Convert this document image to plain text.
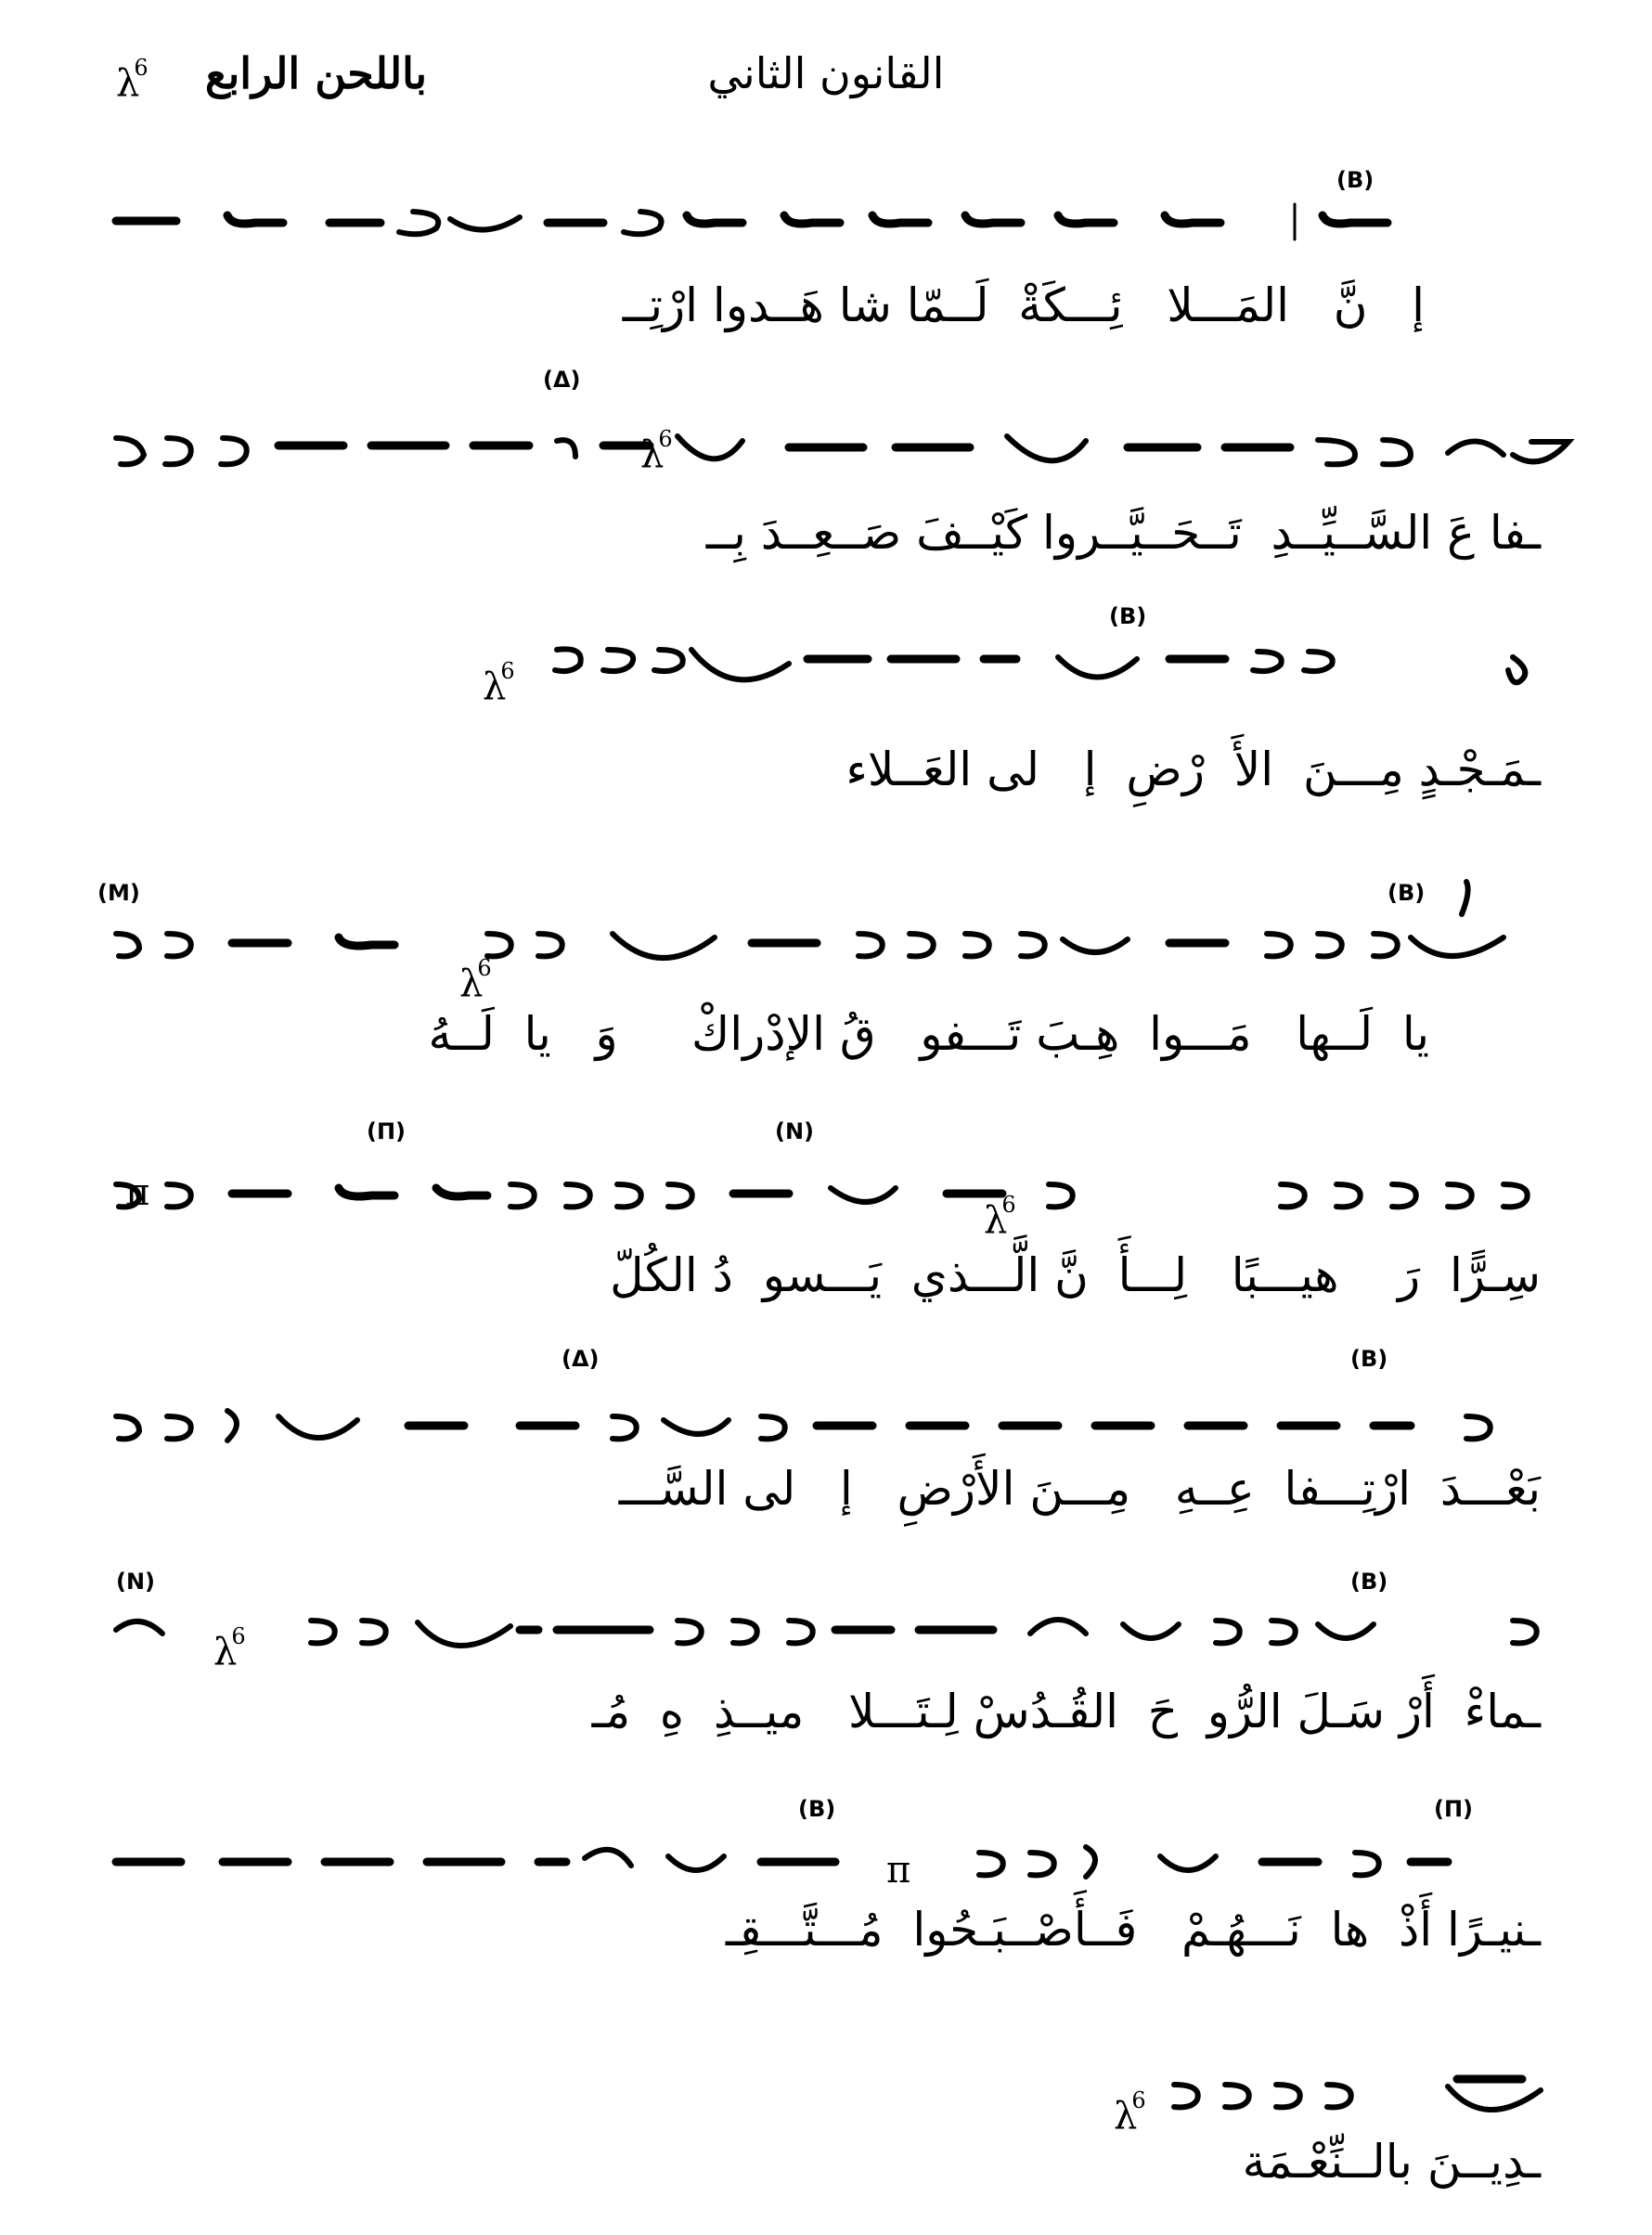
القانون الثاني
باللحن الرابع
$\lambda^6$
(B)
إ   نَّ   المَـــلا   ئِـــكَةْ  لَــمّا شا هَــدوا ارْتِــ
(Δ)
$\lambda^6$
ـفا عَ السَّــيِّــدِ  تَــحَــيَّــروا كَيْــفَ صَــعِــدَ بِــ
(B)
$\lambda^6$
ـمَـجْـدٍ مِـــنَ  الأَ  رْضِ  إ   لى العَــلاء
(M)	(B)
$\lambda^6$
يا  لَــها   مَـــوا  هِـبَ تَـــفو   قُ الإدْراكْ     وَ   يا  لَــهُ
(Π)	(N)
π
$\lambda^6$
سِـرًّا  رَ    هيـــبًا   لِـــأَ  نَّ الَّـــذي  يَـــسو  دُ الكُلّ
(Δ)	(B)
بَعْـــدَ  ارْتِـــفا  عِــهِ   مِـــنَ الأَرْضِ   إ   لى السَّـــ
(N)	(B)
$\lambda^6$
ـماءْ  أَرْ سَـلَ الرُّو  حَ  القُـدُسْ لِـتَـــلا   ميــذِ  هِ  مُـ
(B)	(Π)
π
ـنيـرًا أَذْ  ها  نَـــهُـمْ   فَــأَصْــبَـحُوا  مُـــتَّـــقِـ
$\lambda^6$
ـدِيــنَ بالــنِّعْـمَة
